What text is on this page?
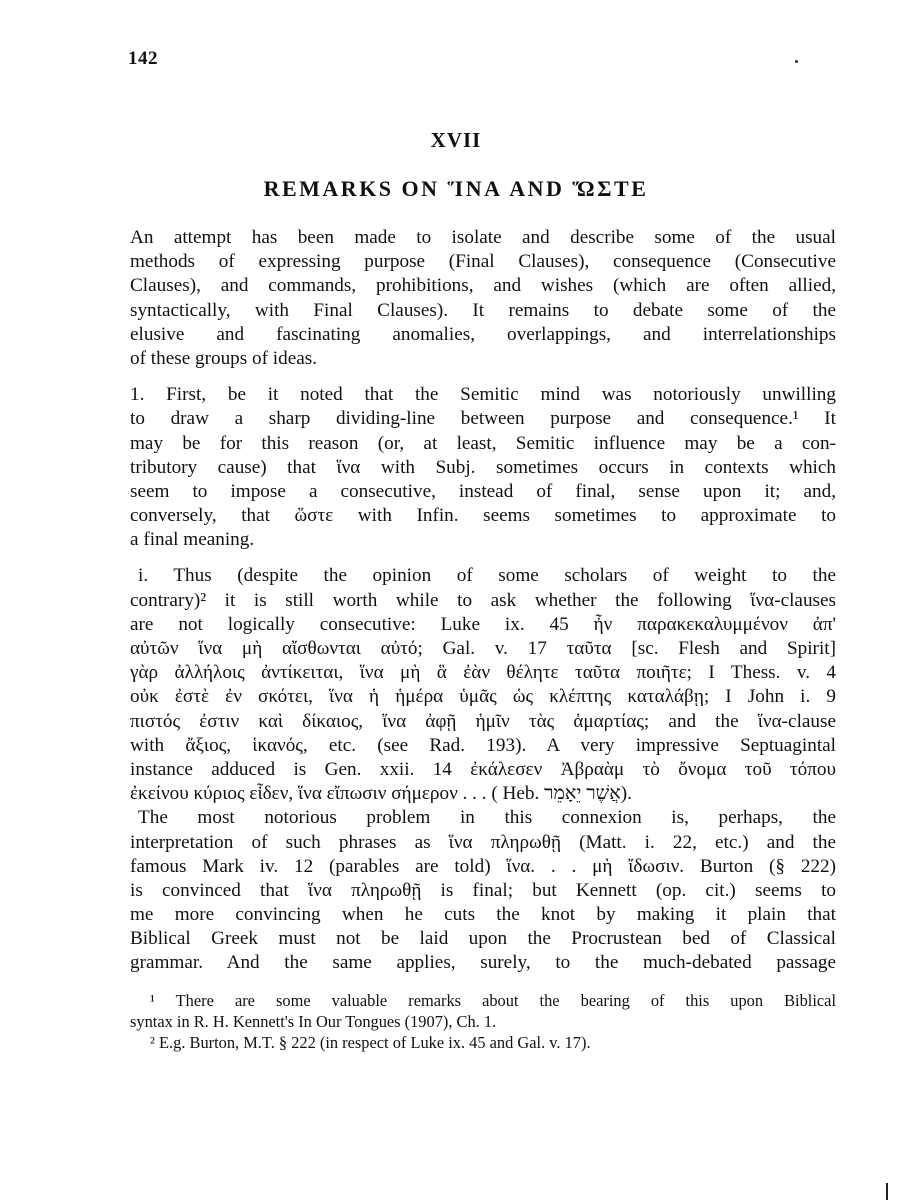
142
XVII
REMARKS ON ἽΝΑ AND ὭΣΤΕ
An attempt has been made to isolate and describe some of the usual
methods of expressing purpose (Final Clauses), consequence (Consecutive
Clauses), and commands, prohibitions, and wishes (which are often allied,
syntactically, with Final Clauses). It remains to debate some of the
elusive and fascinating anomalies, overlappings, and interrelationships
of these groups of ideas.
1. First, be it noted that the Semitic mind was notoriously unwilling
to draw a sharp dividing-line between purpose and consequence.¹ It
may be for this reason (or, at least, Semitic influence may be a con-
tributory cause) that ἵνα with Subj. sometimes occurs in contexts which
seem to impose a consecutive, instead of final, sense upon it; and,
conversely, that ὥστε with Infin. seems sometimes to approximate to
a final meaning.
i. Thus (despite the opinion of some scholars of weight to the
contrary)² it is still worth while to ask whether the following ἵνα-clauses
are not logically consecutive: Luke ix. 45 ἦν παρακεκαλυμμένον ἀπ'
αὐτῶν ἵνα μὴ αἴσθωνται αὐτό; Gal. v. 17 ταῦτα [sc. Flesh and Spirit]
γὰρ ἀλλήλοις ἀντίκειται, ἵνα μὴ ἃ ἐὰν θέλητε ταῦτα ποιῆτε; I Thess. v. 4
οὐκ ἐστὲ ἐν σκότει, ἵνα ἡ ἡμέρα ὑμᾶς ὡς κλέπτης καταλάβῃ; I John i. 9
πιστός ἐστιν καὶ δίκαιος, ἵνα ἀφῇ ἡμῖν τὰς ἁμαρτίας; and the ἵνα-clause
with ἄξιος, ἱκανός, etc. (see Rad. 193). A very impressive Septuagintal
instance adduced is Gen. xxii. 14 ἐκάλεσεν Ἀβραὰμ τὸ ὄνομα τοῦ τόπου
ἐκείνου κύριος εἶδεν, ἵνα εἴπωσιν σήμερον . . . ( Heb. אֲשֶׁר יֵאָמֵר).
The most notorious problem in this connexion is, perhaps, the
interpretation of such phrases as ἵνα πληρωθῇ (Matt. i. 22, etc.) and the
famous Mark iv. 12 (parables are told) ἵνα. . . μὴ ἴδωσιν. Burton (§ 222)
is convinced that ἵνα πληρωθῇ is final; but Kennett (op. cit.) seems to
me more convincing when he cuts the knot by making it plain that
Biblical Greek must not be laid upon the Procrustean bed of Classical
grammar. And the same applies, surely, to the much-debated passage
¹ There are some valuable remarks about the bearing of this upon Biblical
syntax in R. H. Kennett's In Our Tongues (1907), Ch. 1.
² E.g. Burton, M.T. § 222 (in respect of Luke ix. 45 and Gal. v. 17).
